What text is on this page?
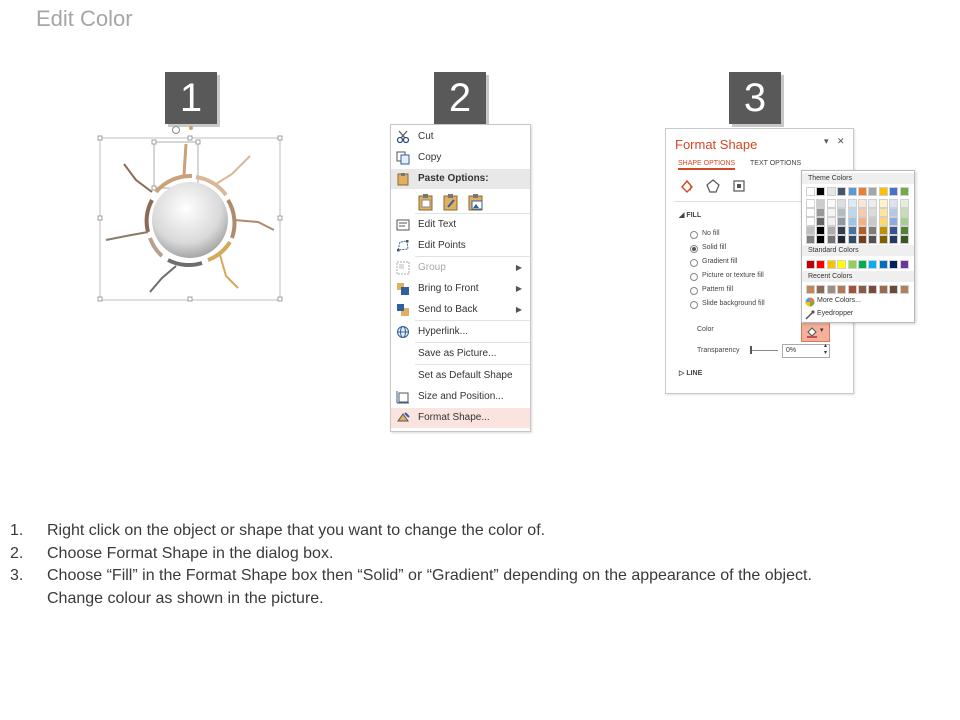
Edit Color
1	2	3
Cut
Copy
Paste Options:
Edit Text
Edit Points
Group	▶
Bring to Front	▶
Send to Back	▶
Hyperlink...
Save as Picture...
Set as Default Shape
Size and Position...
Format Shape...
Format Shape	▾ ✕
SHAPE OPTIONS TEXT OPTIONS
◢ FILL
No fill
Solid fill
Gradient fill
Picture or texture fill
Pattern fill
Slide background fill
Color	▾
Transparency	0%
▴
▾
▷ LINE
Theme Colors
Standard Colors
Recent Colors
More Colors...
Eyedropper
1. Right click on the object or shape that you want to change the color of.
2. Choose Format Shape in the dialog box.
3. Choose “Fill” in the Format Shape box then “Solid” or “Gradient” depending on the appearance of the object.
Change colour as shown in the picture.
